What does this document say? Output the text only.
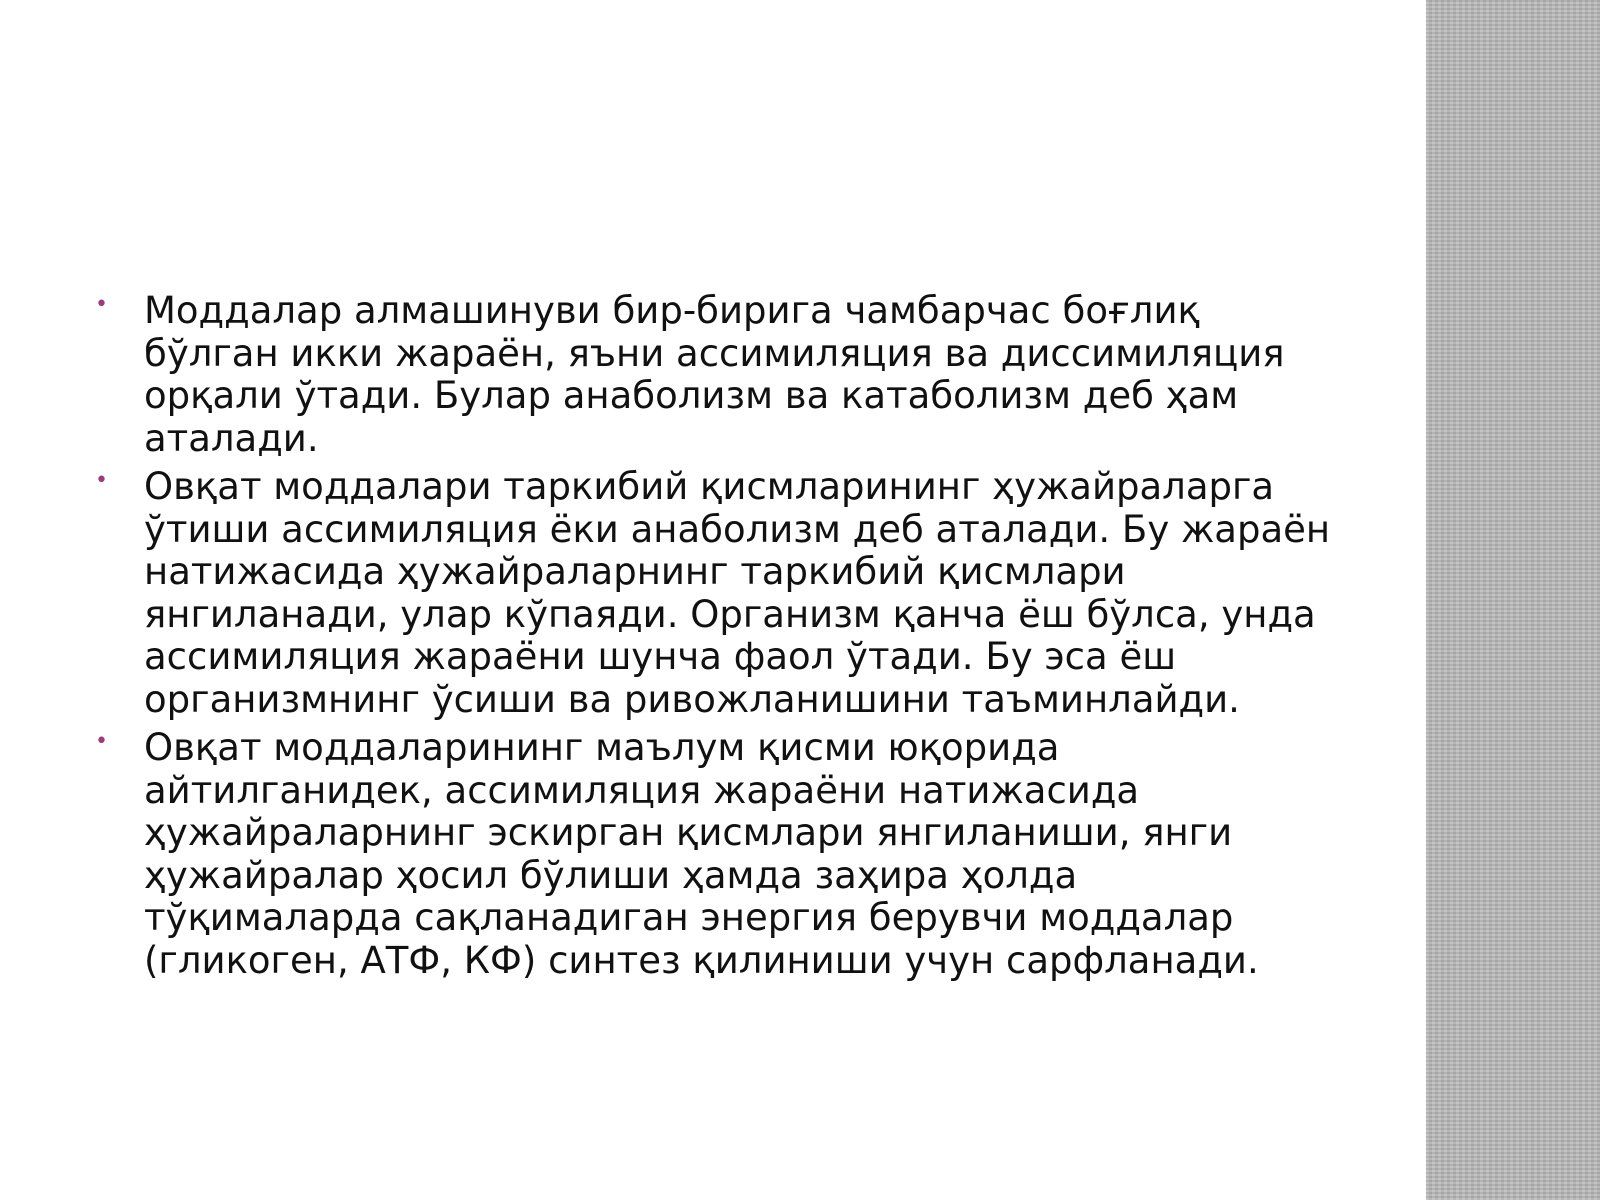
• Моддалар алмашинуви бир-бирига чамбарчас боғлиқ бўлган икки жараён, яъни ассимиляция ва диссимиляция орқали ўтади. Булар анаболизм ва катаболизм деб ҳам аталади.
• Овқат моддалари таркибий қисмларининг ҳужайраларга ўтиши ассимиляция ёки анаболизм деб аталади. Бу жараён натижасида ҳужайраларнинг таркибий қисмлари янгиланади, улар кўпаяди. Организм қанча ёш бўлса, унда ассимиляция жараёни шунча фаол ўтади. Бу эса ёш организмнинг ўсиши ва ривожланишини таъминлайди.
• Овқат моддаларининг маълум қисми юқорида айтилганидек, ассимиляция жараёни натижасида ҳужайраларнинг эскирган қисмлари янгиланиши, янги ҳужайралар ҳосил бўлиши ҳамда заҳира ҳолда тўқималарда сақланадиган энергия берувчи моддалар (гликоген, АТФ, КФ) синтез қилиниши учун сарфланади.
